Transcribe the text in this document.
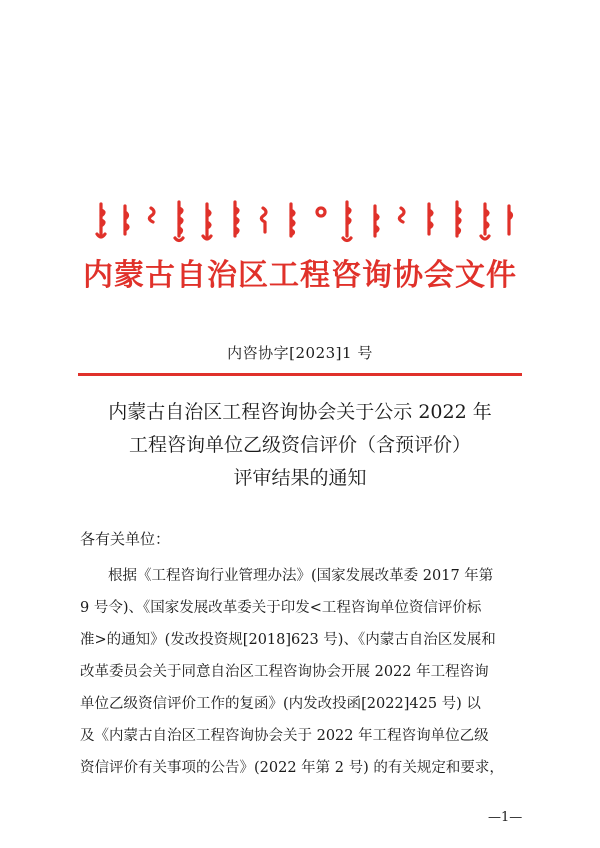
内蒙古自治区工程咨询协会文件
内咨协字[2023]1 号
内蒙古自治区工程咨询协会关于公示 2022 年
工程咨询单位乙级资信评价（含预评价）
评审结果的通知
各有关单位：
根据《工程咨询行业管理办法》(国家发展改革委 2017 年第
9 号令)、《国家发展改革委关于印发<工程咨询单位资信评价标
准>的通知》(发改投资规[2018]623 号)、《内蒙古自治区发展和
改革委员会关于同意自治区工程咨询协会开展 2022 年工程咨询
单位乙级资信评价工作的复函》(内发改投函[2022]425 号) 以
及《内蒙古自治区工程咨询协会关于 2022 年工程咨询单位乙级
资信评价有关事项的公告》(2022 年第 2 号) 的有关规定和要求，
—1—
